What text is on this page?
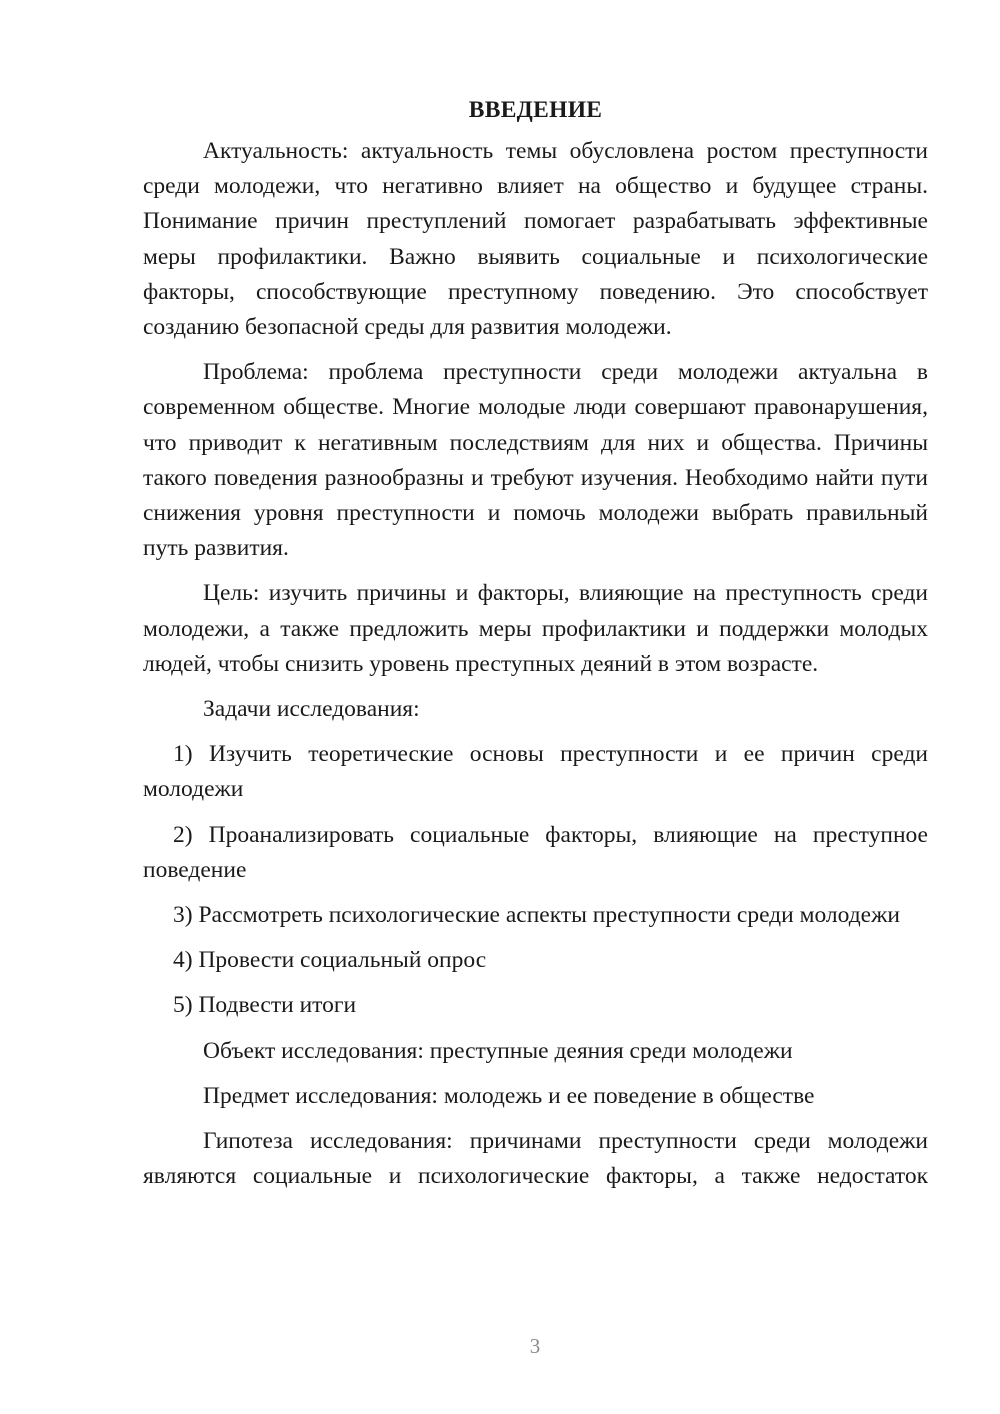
ВВЕДЕНИЕ

Актуальность: актуальность темы обусловлена ростом преступности среди молодежи, что негативно влияет на общество и будущее страны. Понимание причин преступлений помогает разрабатывать эффективные меры профилактики. Важно выявить социальные и психологические факторы, способствующие преступному поведению. Это способствует созданию безопасной среды для развития молодежи.

Проблема: проблема преступности среди молодежи актуальна в современном обществе. Многие молодые люди совершают правонарушения, что приводит к негативным последствиям для них и общества. Причины такого поведения разнообразны и требуют изучения. Необходимо найти пути снижения уровня преступности и помочь молодежи выбрать правильный путь развития.

Цель: изучить причины и факторы, влияющие на преступность среди молодежи, а также предложить меры профилактики и поддержки молодых людей, чтобы снизить уровень преступных деяний в этом возрасте.

Задачи исследования:

1) Изучить теоретические основы преступности и ее причин среди молодежи

2) Проанализировать социальные факторы, влияющие на преступное поведение

3) Рассмотреть психологические аспекты преступности среди молодежи

4) Провести социальный опрос

5) Подвести итоги

Объект исследования: преступные деяния среди молодежи

Предмет исследования: молодежь и ее поведение в обществе

Гипотеза исследования: причинами преступности среди молодежи являются социальные и психологические факторы, а также недостаток

3
